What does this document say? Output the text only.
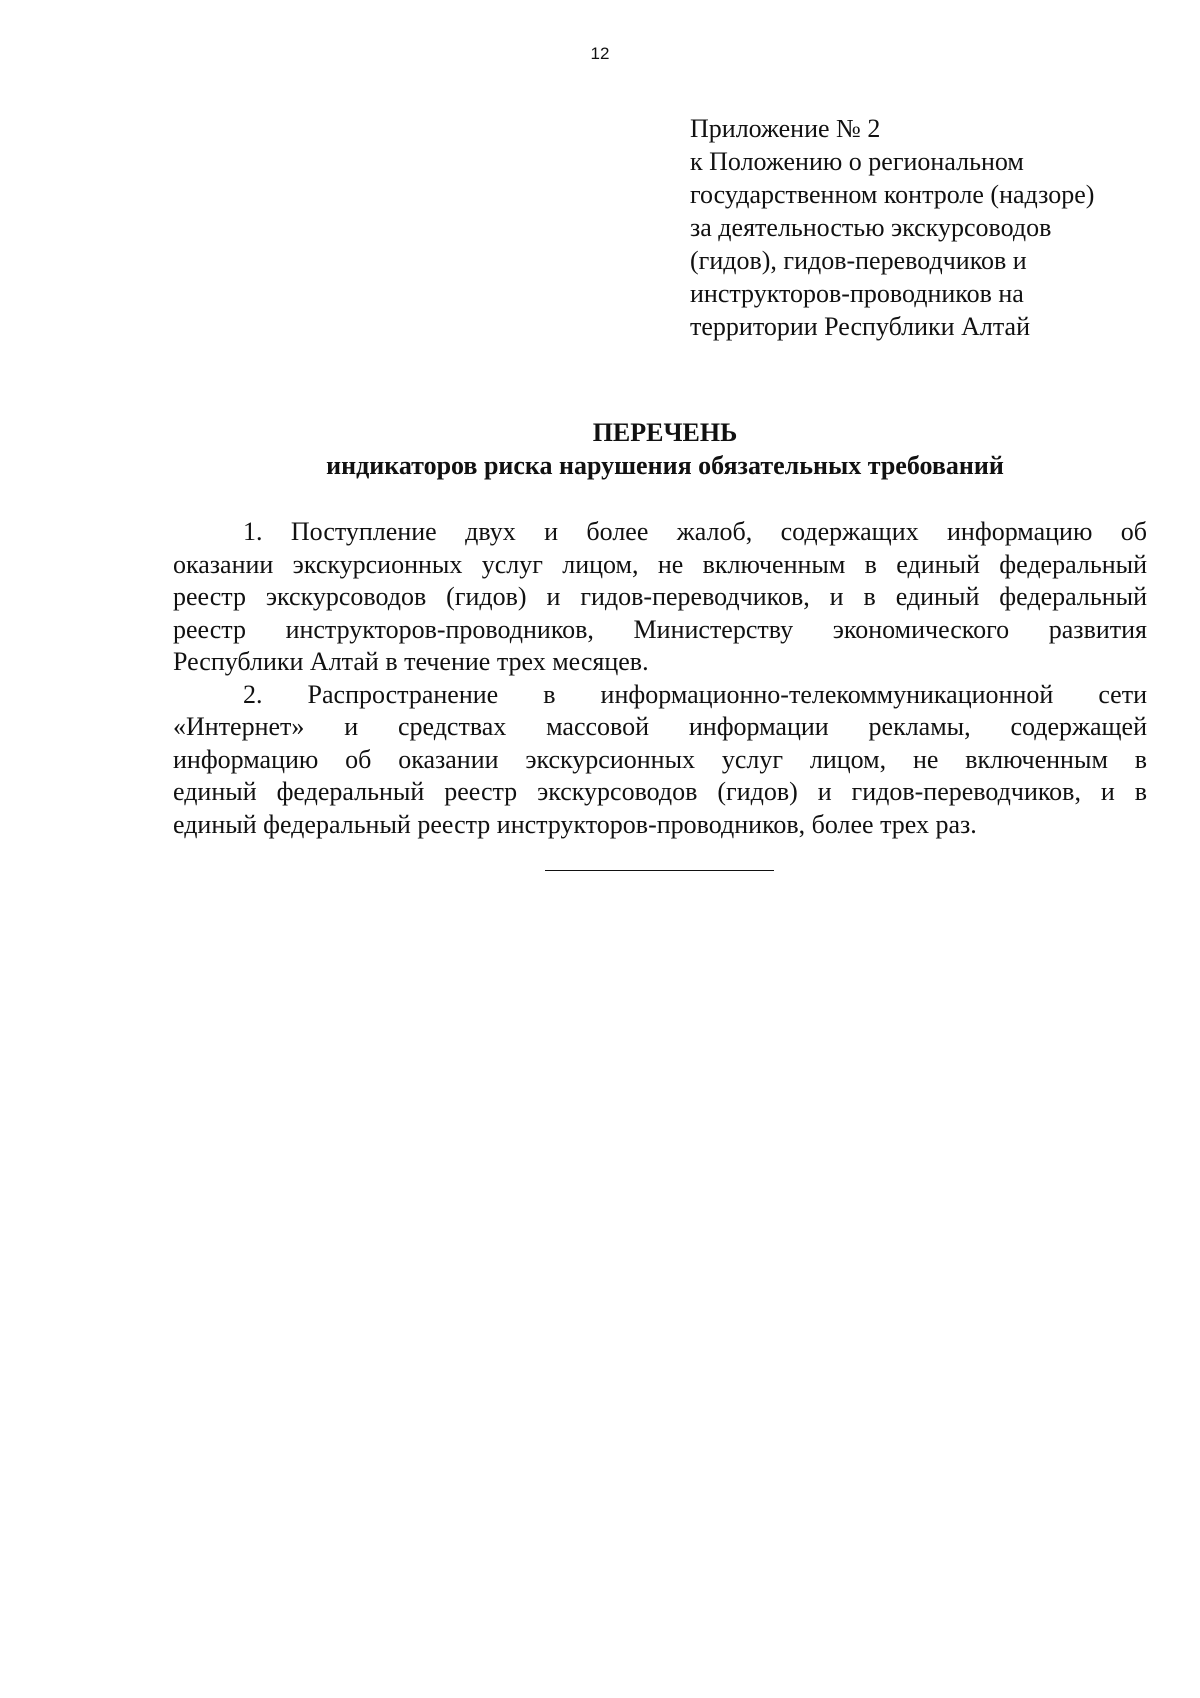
12
Приложение № 2
к Положению о региональном
государственном контроле (надзоре)
за деятельностью экскурсоводов
(гидов), гидов-переводчиков и
инструкторов-проводников на
территории Республики Алтай
ПЕРЕЧЕНЬ
индикаторов риска нарушения обязательных требований
1. Поступление двух и более жалоб, содержащих информацию об
оказании экскурсионных услуг лицом, не включенным в единый федеральный
реестр экскурсоводов (гидов) и гидов-переводчиков, и в единый федеральный
реестр инструкторов-проводников, Министерству экономического развития
Республики Алтай в течение трех месяцев.
2. Распространение в информационно-телекоммуникационной сети
«Интернет» и средствах массовой информации рекламы, содержащей
информацию об оказании экскурсионных услуг лицом, не включенным в
единый федеральный реестр экскурсоводов (гидов) и гидов-переводчиков, и в
единый федеральный реестр инструкторов-проводников, более трех раз.
